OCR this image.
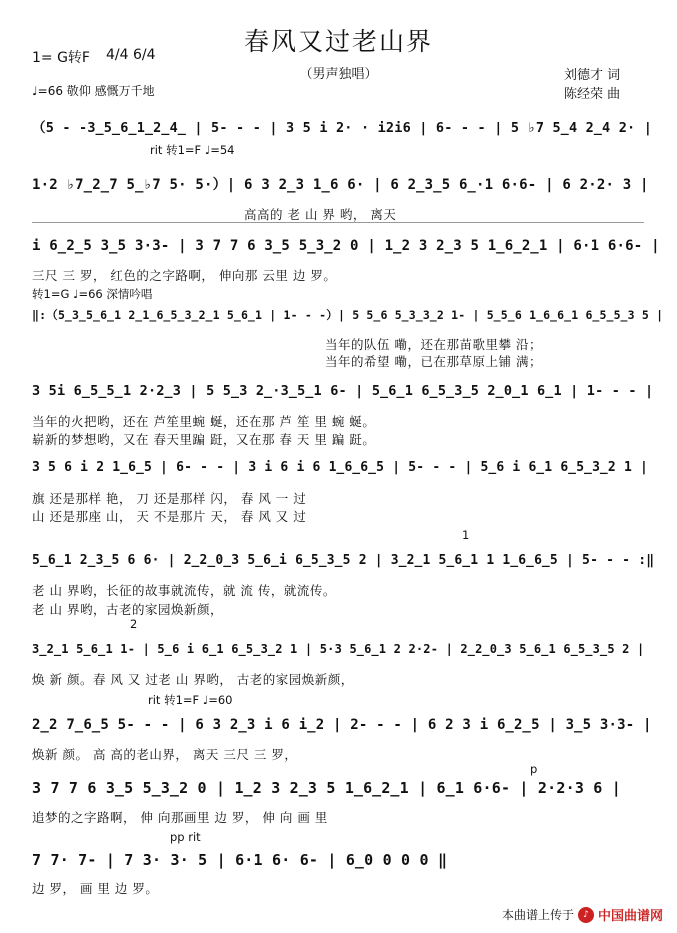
春风又过老山界
（男声独唱）
1= G转F 4/4 6/4
♩=66 敬仰 感慨万千地
刘德才 词
陈经荣 曲
（5 - -3̲5̲6̲1̲2̲4̲ | 5- - - | 3 5 i 2· · i2i6 | 6- - - | 5 ♭7 5̲4 2̲4 2· |
rit 转1=F ♩=54
1·2 ♭7̲2̲7 5̲♭7 5· 5·）| 6 3 2̲3 1̲6 6· | 6 2̲3̲5 6̲·1 6·6- | 6 2·2· 3 |
高高的 老 山 界 哟， 离天
i 6̲2̲5 3̲5 3·3- | 3 7 7 6 3̲5 5̲3̲2 0 | 1̲2 3 2̲3 5 1̲6̲2̲1 | 6·1 6·6- |
三尺 三 罗， 红色的之字路啊， 伸向那 云里 边 罗。
转1=G ♩=66 深情吟唱
‖:（5̲3̲5̲6̲1 2̲1̲6̲5̲3̲2̲1 5̲6̲1 | 1- - -）| 5 5̲6 5̲3̲3̲2 1- | 5̲5̲6 1̲6̲6̲1 6̲5̲5̲3 5 |
当年的队伍 嘞，还在那苗歌里攀 沿；
当年的希望 嘞，已在那草原上铺 满；
3 5i 6̲5̲5̲1 2·2̲3 | 5 5̲3 2̲·3̲5̲1 6- | 5̲6̲1 6̲5̲3̲5 2̲0̲1 6̲1 | 1- - - |
当年的火把哟，还在 芦笙里蜿 蜒，还在那 芦 笙 里 蜿 蜒。
崭新的梦想哟，又在 春天里蹁 跹，又在那 春 天 里 蹁 跹。
3 5 6 i 2 1̲6̲5 | 6- - - | 3 i 6 i 6 1̲6̲6̲5 | 5- - - | 5̲6 i 6̲1 6̲5̲3̲2 1 |
旗 还是那样 艳， 刀 还是那样 闪， 春 风 一 过
山 还是那座 山， 天 不是那片 天， 春 风 又 过
1
5̲6̲1 2̲3̲5 6 6· | 2̲2̲0̲3 5̲6̲i 6̲5̲3̲5 2 | 3̲2̲1 5̲6̲1 1 1̲6̲6̲5 | 5- - - :‖
老 山 界哟，长征的故事就流传，就 流 传，就流传。
老 山 界哟，古老的家园焕新颜，
2
3̲2̲1 5̲6̲1 1- | 5̲6 i 6̲1 6̲5̲3̲2 1 | 5·3 5̲6̲1 2 2·2- | 2̲2̲0̲3 5̲6̲1 6̲5̲3̲5 2 |
焕 新 颜。春 风 又 过老 山 界哟， 古老的家园焕新颜，
rit 转1=F ♩=60
2̲2 7̲6̲5 5- - - | 6 3 2̲3 i 6 i̲2 | 2- - - | 6 2 3 i 6̲2̲5 | 3̲5 3·3- |
焕新 颜。 高 高的老山界， 离天 三尺 三 罗，
p
3 7 7 6 3̲5 5̲3̲2 0 | 1̲2 3 2̲3 5 1̲6̲2̲1 | 6̲1 6·6- | 2·2·3 6 |
追梦的之字路啊， 伸 向那画里 边 罗， 伸 向 画 里
pp rit
7 7· 7- | 7 3· 3· 5 | 6·1 6· 6- | 6̲0 0 0 0 ‖
边 罗， 画 里 边 罗。
本曲谱上传于	♪ 中国曲谱网
